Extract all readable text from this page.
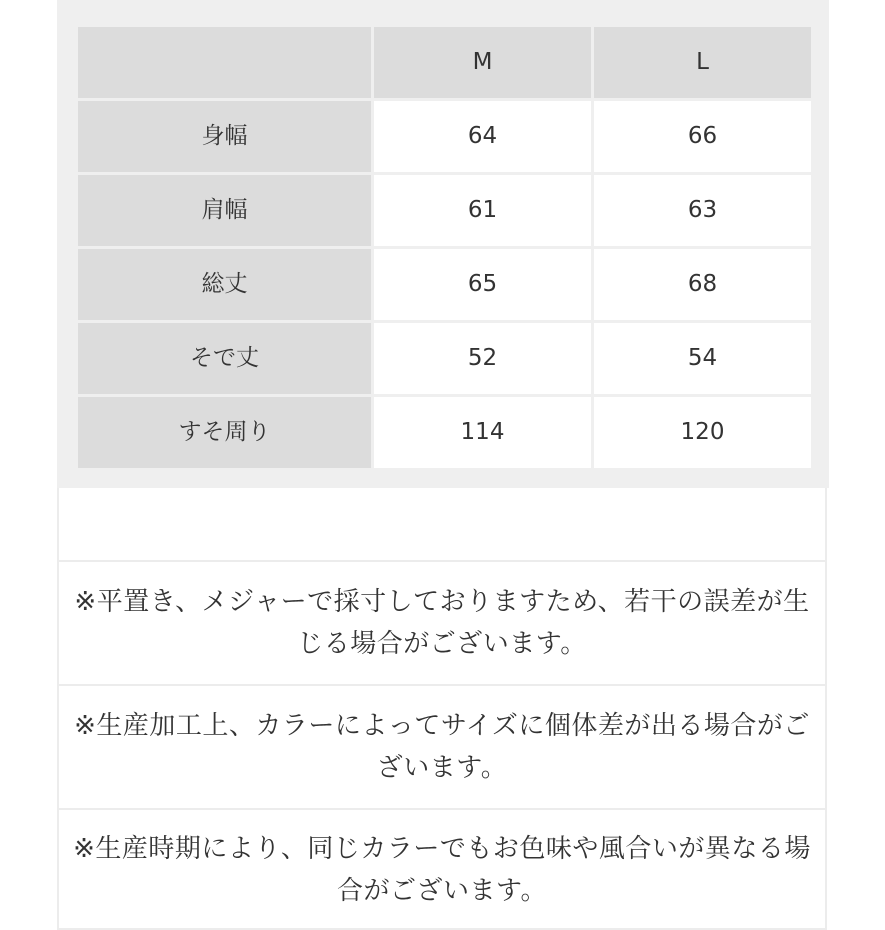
	M	L
身幅	64	66
肩幅	61	63
総丈	65	68
そで丈	52	54
すそ周り	114	120
※平置き、メジャーで採寸しておりますため、若干の誤差が生じる場合がございます。
※生産加工上、カラーによってサイズに個体差が出る場合がございます。
※生産時期により、同じカラーでもお色味や風合いが異なる場合がございます。
